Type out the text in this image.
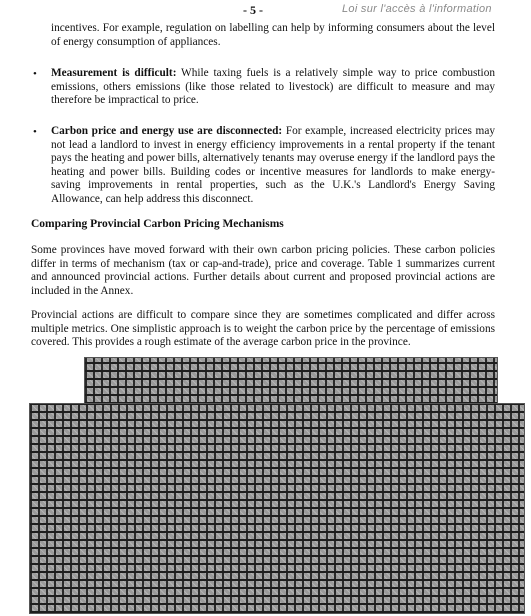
- 5 -	Loi sur l'accès à l'information
incentives. For example, regulation on labelling can help by informing consumers about the level of energy consumption of appliances.
• Measurement is difficult: While taxing fuels is a relatively simple way to price combustion emissions, others emissions (like those related to livestock) are difficult to measure and may therefore be impractical to price.
• Carbon price and energy use are disconnected: For example, increased electricity prices may not lead a landlord to invest in energy efficiency improvements in a rental property if the tenant pays the heating and power bills, alternatively tenants may overuse energy if the landlord pays the heating and power bills. Building codes or incentive measures for landlords to make energy-saving improvements in rental properties, such as the U.K.'s Landlord's Energy Saving Allowance, can help address this disconnect.
Comparing Provincial Carbon Pricing Mechanisms
Some provinces have moved forward with their own carbon pricing policies. These carbon policies differ in terms of mechanism (tax or cap-and-trade), price and coverage. Table 1 summarizes current and announced provincial actions. Further details about current and proposed provincial actions are included in the Annex.
Provincial actions are difficult to compare since they are sometimes complicated and differ across multiple metrics. One simplistic approach is to weight the carbon price by the percentage of emissions covered. This provides a rough estimate of the average carbon price in the province.
